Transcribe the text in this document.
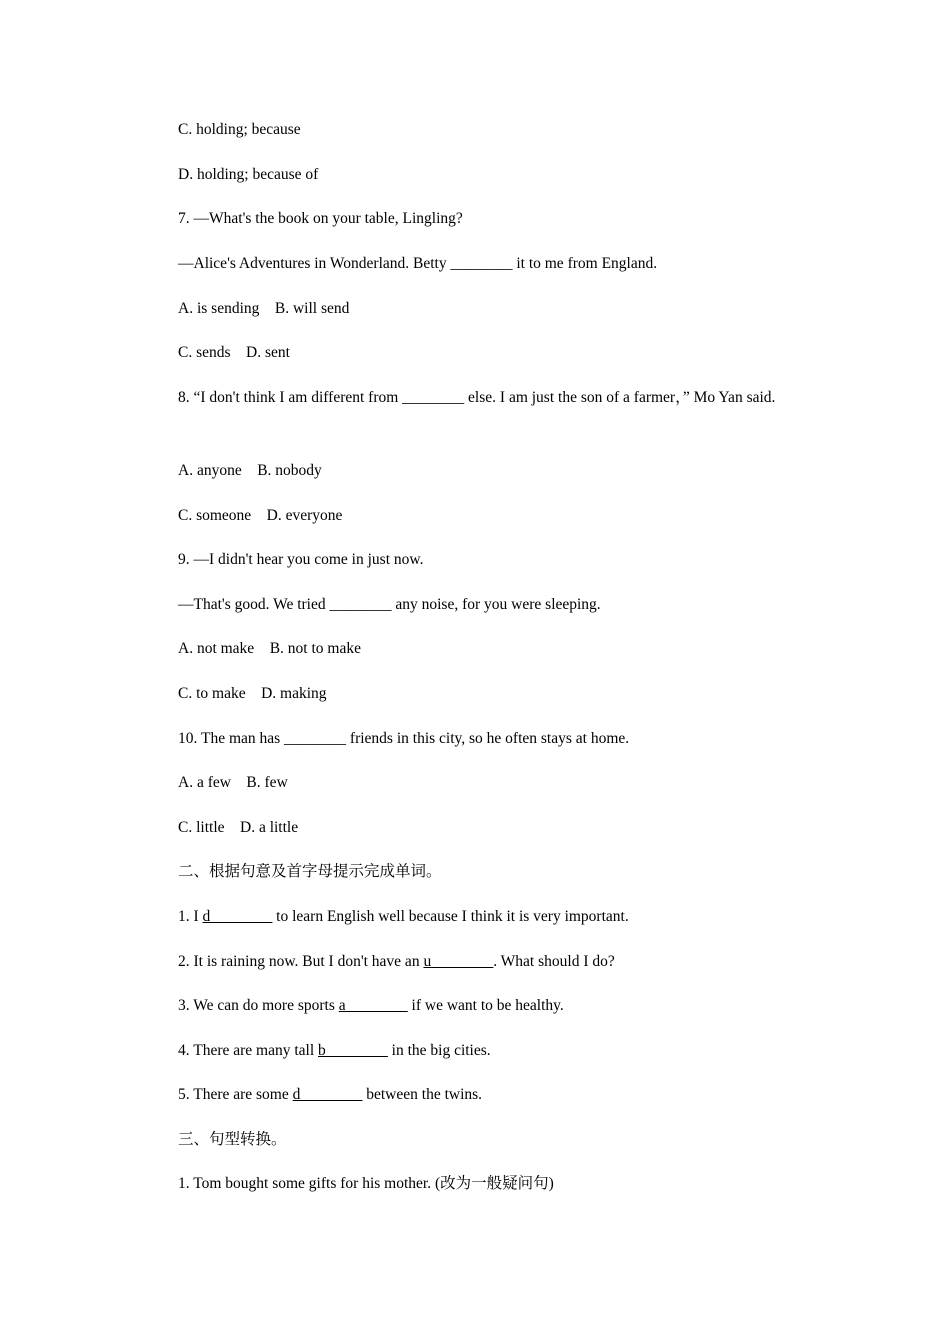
C. holding; because
D. holding; because of
7. —What's the book on your table, Lingling?
—Alice's Adventures in Wonderland. Betty ________ it to me from England.
A. is sending    B. will send
C. sends    D. sent
8. “I don't think I am different from ________ else. I am just the son of a farmer，” Mo Yan said.
A. anyone    B. nobody
C. someone    D. everyone
9. —I didn't hear you come in just now.
—That's good. We tried ________ any noise, for you were sleeping.
A. not make    B. not to make
C. to make    D. making
10. The man has ________ friends in this city, so he often stays at home.
A. a few    B. few
C. little    D. a little
二、根据句意及首字母提示完成单词。
1. I d________ to learn English well because I think it is very important.
2. It is raining now. But I don't have an u________. What should I do?
3. We can do more sports a________ if we want to be healthy.
4. There are many tall b________ in the big cities.
5. There are some d________ between the twins.
三、句型转换。
1. Tom bought some gifts for his mother. (改为一般疑问句)
